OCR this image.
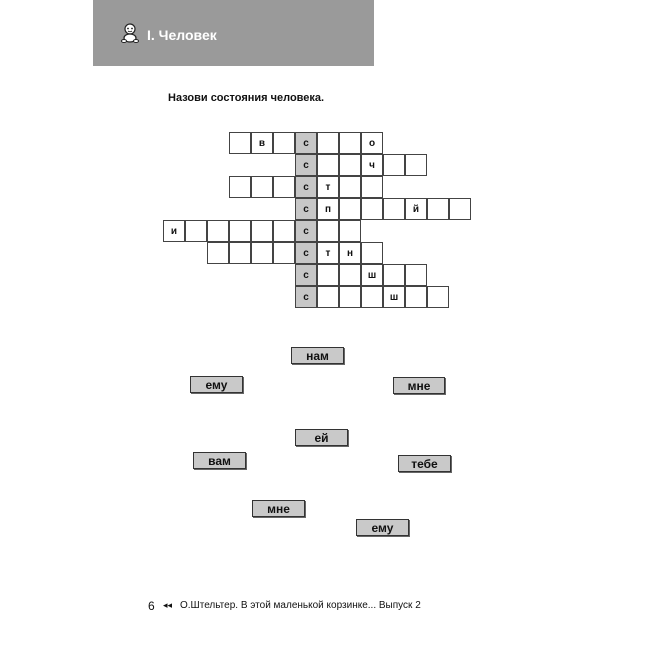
I. Человек
Назови состояния человека.
в	с	о
с	ч
с	т
с	п	й
и	с
с	т	н
с	ш
с	ш
нам
ему	мне
ей
вам	тебе
мне
ему
6 ◂◂ О.Штельтер. В этой маленькой корзинке... Выпуск 2
